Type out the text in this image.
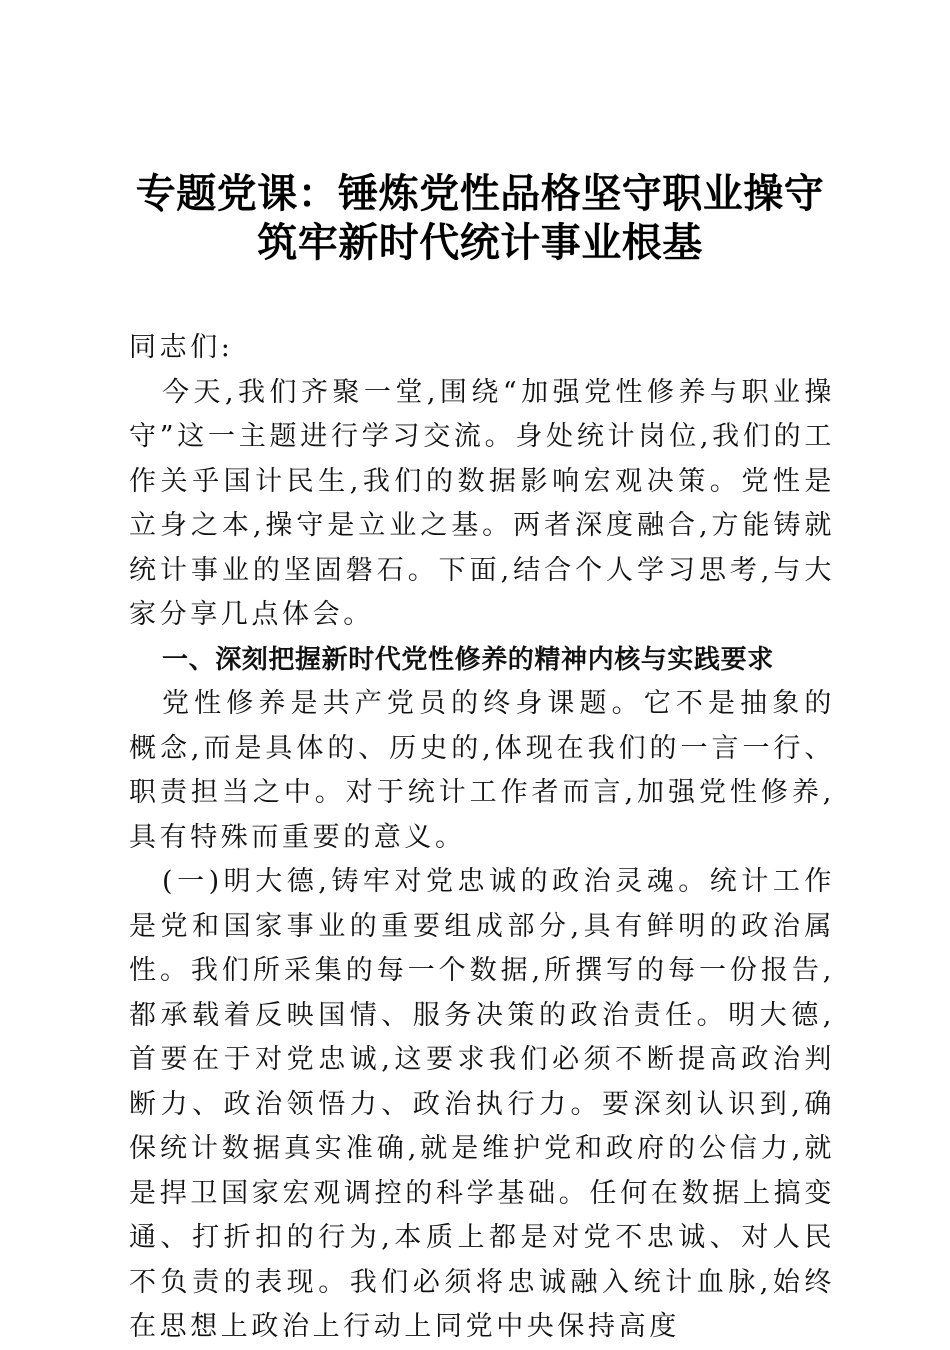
专题党课：锤炼党性品格坚守职业操守
筑牢新时代统计事业根基

同志们:

今天,我们齐聚一堂,围绕“加强党性修养与职业操守”这一主题进行学习交流。身处统计岗位,我们的工作关乎国计民生,我们的数据影响宏观决策。党性是立身之本,操守是立业之基。两者深度融合,方能铸就统计事业的坚固磐石。下面,结合个人学习思考,与大家分享几点体会。

一、深刻把握新时代党性修养的精神内核与实践要求

党性修养是共产党员的终身课题。它不是抽象的概念,而是具体的、历史的,体现在我们的一言一行、职责担当之中。对于统计工作者而言,加强党性修养,具有特殊而重要的意义。

(一)明大德,铸牢对党忠诚的政治灵魂。统计工作是党和国家事业的重要组成部分,具有鲜明的政治属性。我们所采集的每一个数据,所撰写的每一份报告,都承载着反映国情、服务决策的政治责任。明大德,首要在于对党忠诚,这要求我们必须不断提高政治判断力、政治领悟力、政治执行力。要深刻认识到,确保统计数据真实准确,就是维护党和政府的公信力,就是捍卫国家宏观调控的科学基础。任何在数据上搞变通、打折扣的行为,本质上都是对党不忠诚、对人民不负责的表现。我们必须将忠诚融入统计血脉,始终在思想上政治上行动上同党中央保持高度
